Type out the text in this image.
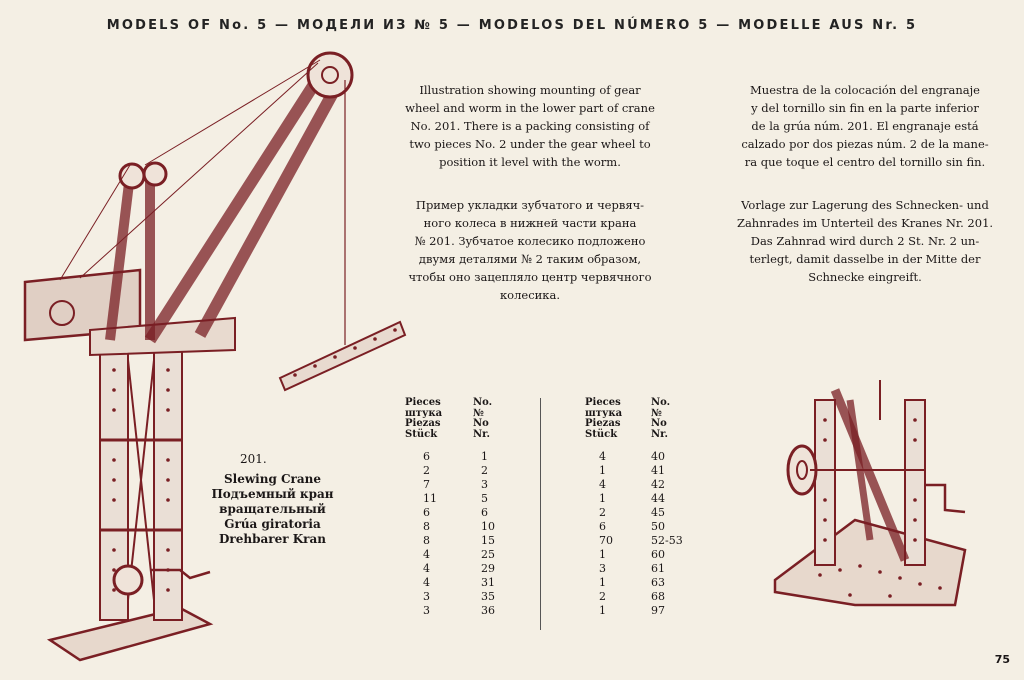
MODELS OF No. 5 — МОДЕЛИ ИЗ № 5 — MODELOS DEL NÚMERO 5 — MODELLE AUS Nr. 5
Illustration showing mounting of gear
wheel and worm in the lower part of crane
No. 201. There is a packing consisting of
two pieces No. 2 under the gear wheel to
position it level with the worm.
Пример укладки зубчатого и червяч-
ного колеса в нижней части крана
№ 201. Зубчатое колесико подложено
двумя деталями № 2 таким образом,
чтобы оно зацепляло центр червячного
колесика.
Muestra de la colocación del engranaje
y del tornillo sin fin en la parte inferior
de la grúa núm. 201. El engranaje está
calzado por dos piezas núm. 2 de la mane-
ra que toque el centro del tornillo sin fin.
Vorlage zur Lagerung des Schnecken- und
Zahnrades im Unterteil des Kranes Nr. 201.
Das Zahnrad wird durch 2 St. Nr. 2 un-
terlegt, damit dasselbe in der Mitte der
Schnecke eingreift.
201.
Slewing Crane
Подъемный кран
вращательный
Grúa giratoria
Drehbarer Kran
Pieces
штука
Piezas
Stück
6
2
7
11
6
8
8
4
4
4
3
3
No.
№
No
Nr.
1
2
3
5
6
10
15
25
29
31
35
36
Pieces
штука
Piezas
Stück
4
1
4
1
2
6
70
1
3
1
2
1
No.
№
No
Nr.
40
41
42
44
45
50
52-53
60
61
63
68
97
75
